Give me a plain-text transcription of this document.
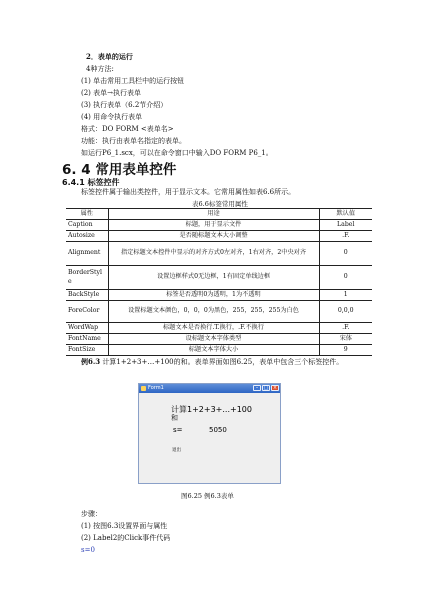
2．表单的运行
4种方法:
(1) 单击常用工具栏中的运行按钮
(2) 表单→执行表单
(3) 执行表单（6.2节介绍）
(4) 用命令执行表单
格式：DO FORM <表单名>
功能：执行由表单名指定的表单。
如运行P6_1.scx，可以在命令窗口中输入DO FORM P6_1。
6. 4 常用表单控件
6.4.1 标签控件
标签控件属于输出类控件，用于显示文本。它常用属性如表6.6所示。
表6.6标签常用属性
属性	用途	默认值
Caption	标题，用于显示文件	Label
Autosize	是否随标题文本大小调整	.F.
Alignment	指定标题文本控件中显示的对齐方式0左对齐，1右对齐，2中央对齐	0
BorderStyle	设置边框样式0无边框，1有固定单线边框	0
BackStyle	标签是否透明0为透明，1为不透明	1
ForeColor	设置标题文本颜色，0，0，0为黑色，255，255，255为白色	0,0,0
WordWap	标题文本是否换行.T.换行，.F.不换行	.F.
FontName	设标题文本字体类型	宋体
FontSize	标题文本字体大小	9
例6.3 计算1+2+3+…+100的和。表单界面如图6.25，表单中包含三个标签控件。
Form1	–	□ ×
计算1+2+3+...+100
和
s=	5050
退出
图6.25 例6.3表单
步骤：
(1) 按图6.3设置界面与属性
(2) Label2的Click事件代码
s=0
